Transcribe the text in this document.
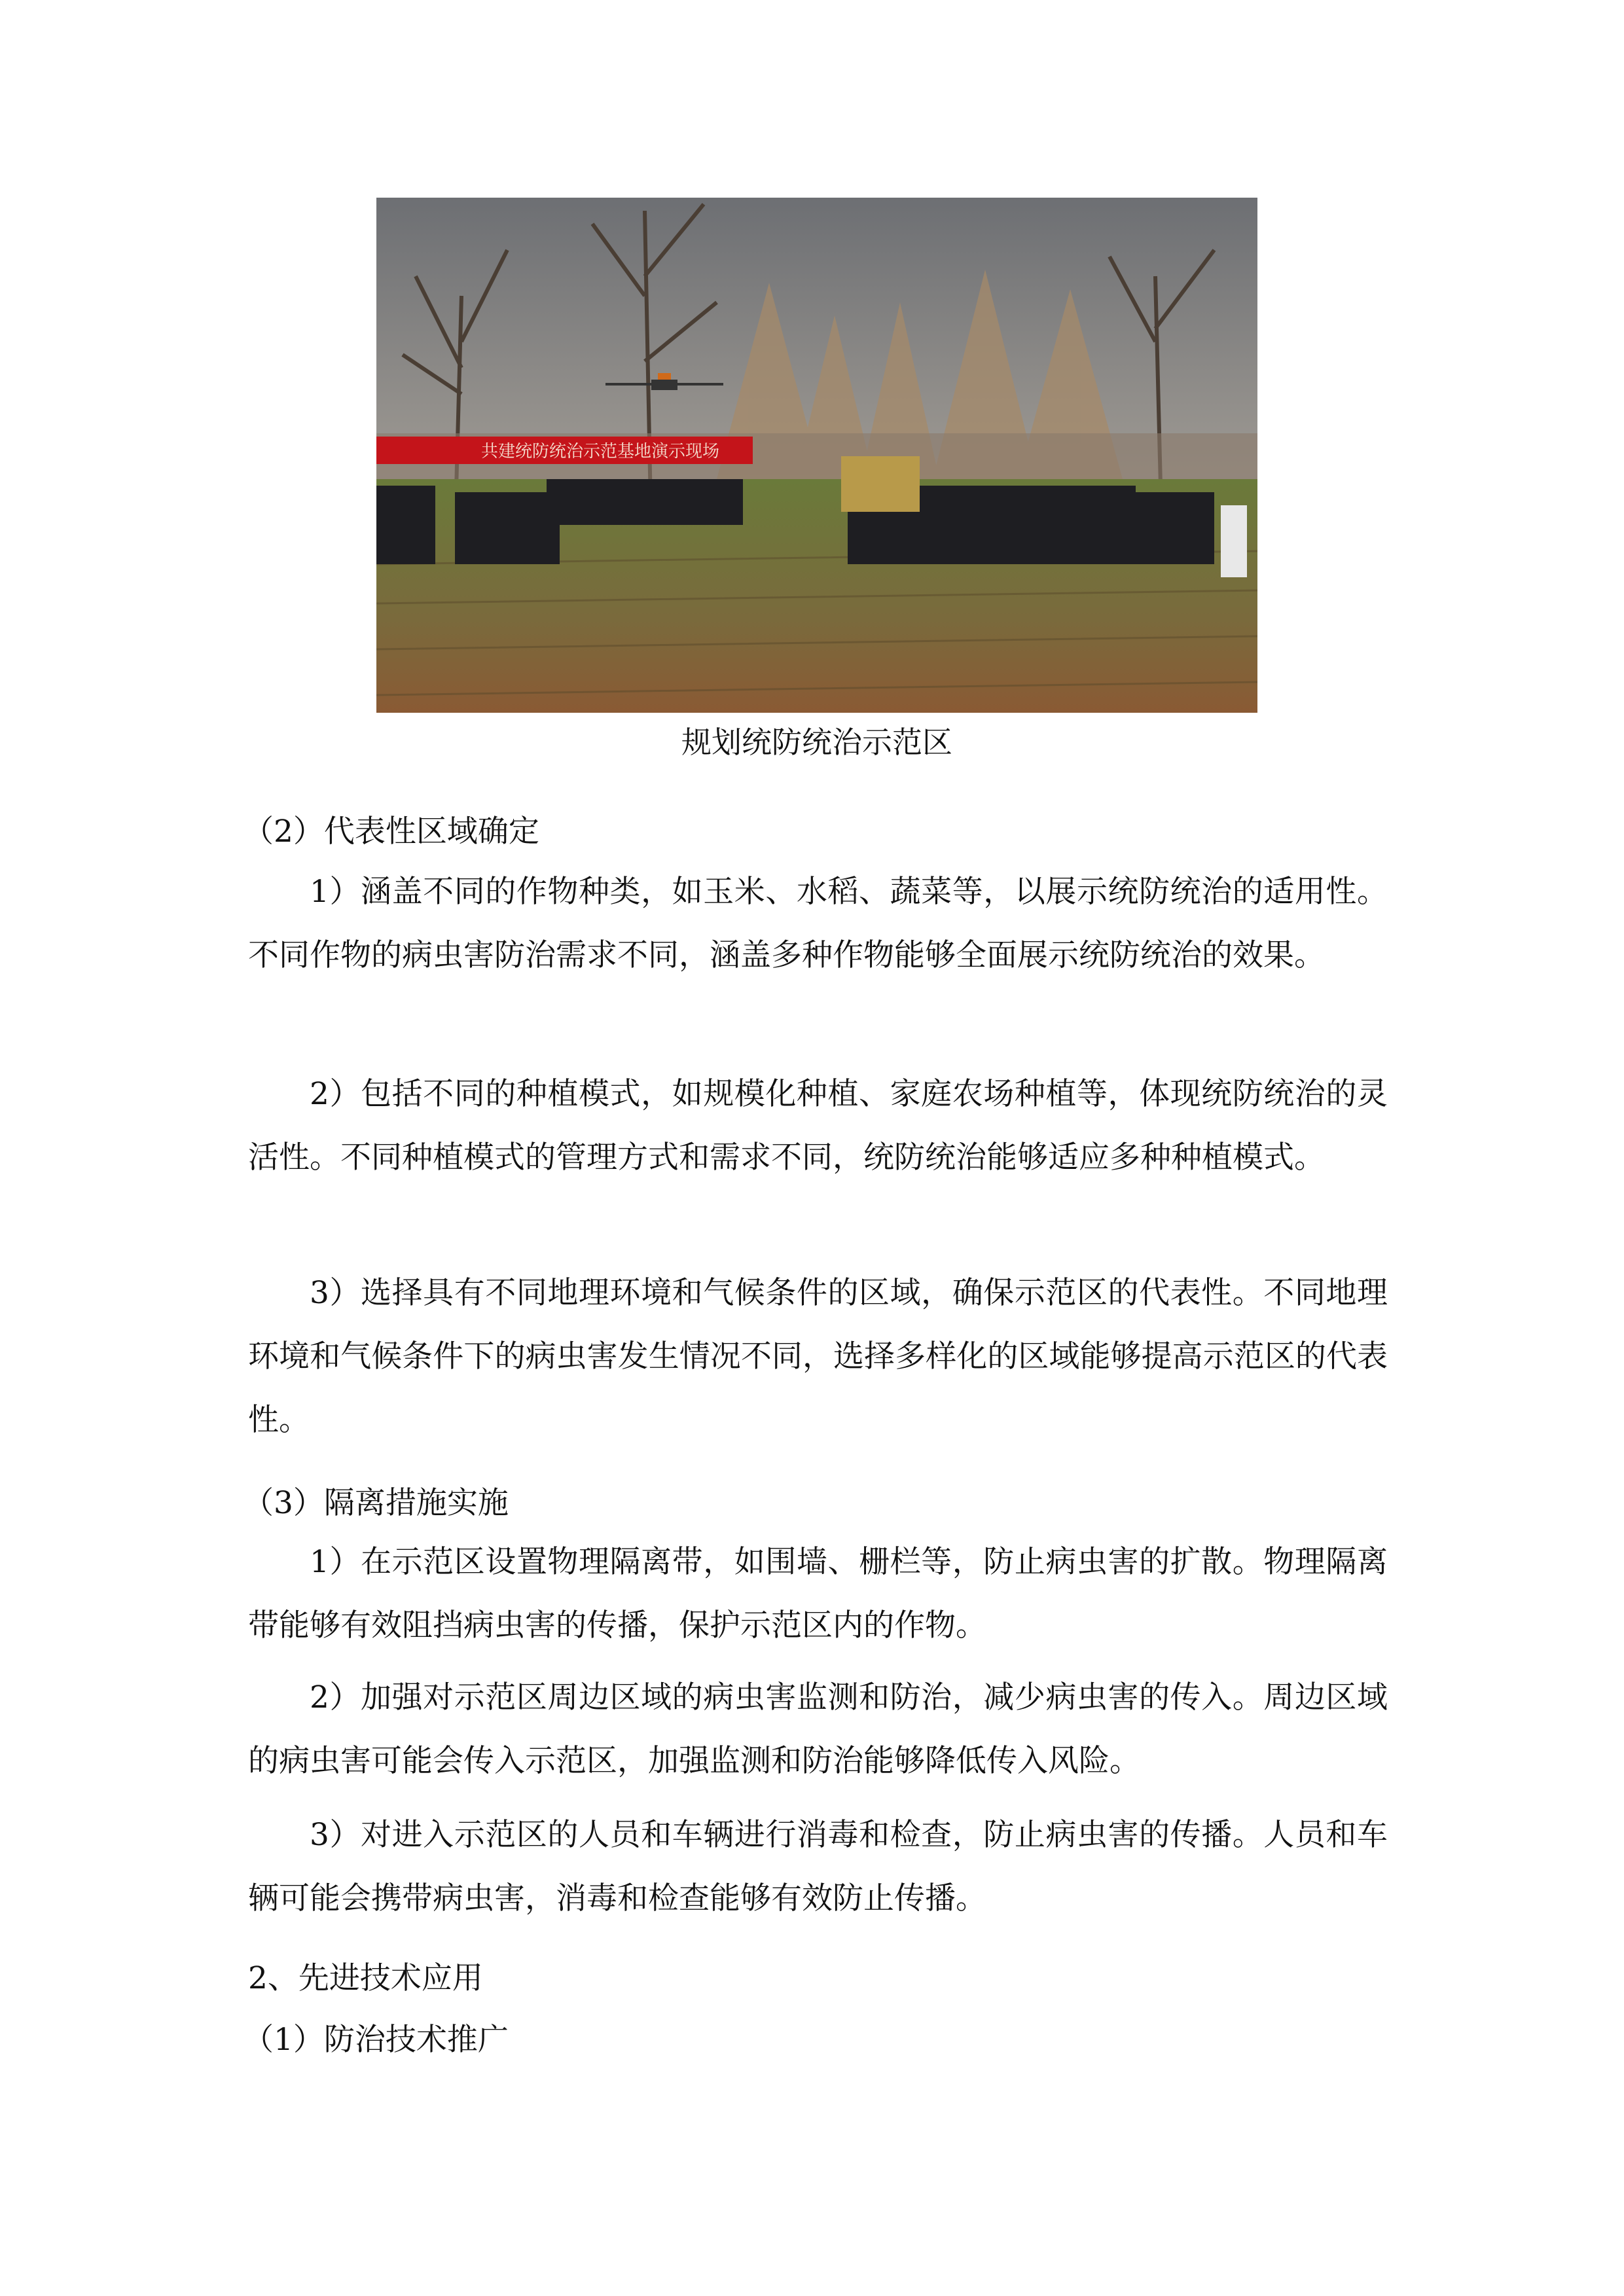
共建统防统治示范基地演示现场
规划统防统治示范区
（2）代表性区域确定
1）涵盖不同的作物种类，如玉米、水稻、蔬菜等，以展示统防统治的适用性。不同作物的病虫害防治需求不同，涵盖多种作物能够全面展示统防统治的效果。
2）包括不同的种植模式，如规模化种植、家庭农场种植等，体现统防统治的灵活性。不同种植模式的管理方式和需求不同，统防统治能够适应多种种植模式。
3）选择具有不同地理环境和气候条件的区域，确保示范区的代表性。不同地理环境和气候条件下的病虫害发生情况不同，选择多样化的区域能够提高示范区的代表性。
（3）隔离措施实施
1）在示范区设置物理隔离带，如围墙、栅栏等，防止病虫害的扩散。物理隔离带能够有效阻挡病虫害的传播，保护示范区内的作物。
2）加强对示范区周边区域的病虫害监测和防治，减少病虫害的传入。周边区域的病虫害可能会传入示范区，加强监测和防治能够降低传入风险。
3）对进入示范区的人员和车辆进行消毒和检查，防止病虫害的传播。人员和车辆可能会携带病虫害，消毒和检查能够有效防止传播。
2、先进技术应用
（1）防治技术推广
